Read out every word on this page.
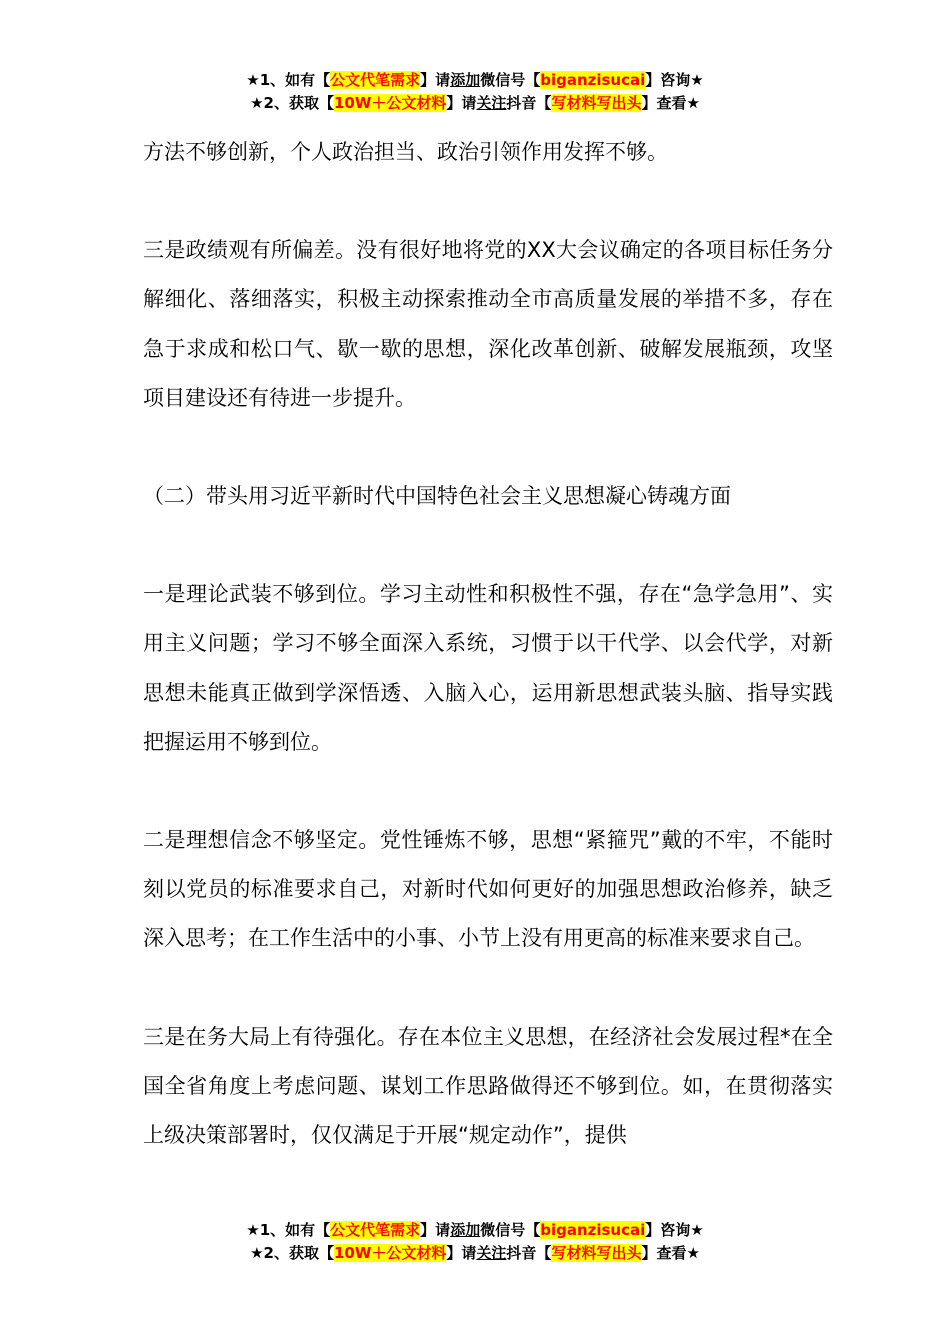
★1、如有【公文代笔需求】请添加微信号【biganzisucai】咨询★
★2、获取【10W＋公文材料】请关注抖音【写材料写出头】查看★

方法不够创新，个人政治担当、政治引领作用发挥不够。

三是政绩观有所偏差。没有很好地将党的XX大会议确定的各项目标任务分解细化、落细落实，积极主动探索推动全市高质量发展的举措不多，存在急于求成和松口气、歇一歇的思想，深化改革创新、破解发展瓶颈，攻坚项目建设还有待进一步提升。

（二）带头用习近平新时代中国特色社会主义思想凝心铸魂方面

一是理论武装不够到位。学习主动性和积极性不强，存在“急学急用”、实用主义问题；学习不够全面深入系统，习惯于以干代学、以会代学，对新思想未能真正做到学深悟透、入脑入心，运用新思想武装头脑、指导实践把握运用不够到位。

二是理想信念不够坚定。党性锤炼不够，思想“紧箍咒”戴的不牢，不能时刻以党员的标准要求自己，对新时代如何更好的加强思想政治修养，缺乏深入思考；在工作生活中的小事、小节上没有用更高的标准来要求自己。

三是在务大局上有待强化。存在本位主义思想，在经济社会发展过程*在全国全省角度上考虑问题、谋划工作思路做得还不够到位。如，在贯彻落实上级决策部署时，仅仅满足于开展“规定动作”，提供

★1、如有【公文代笔需求】请添加微信号【biganzisucai】咨询★
★2、获取【10W＋公文材料】请关注抖音【写材料写出头】查看★
